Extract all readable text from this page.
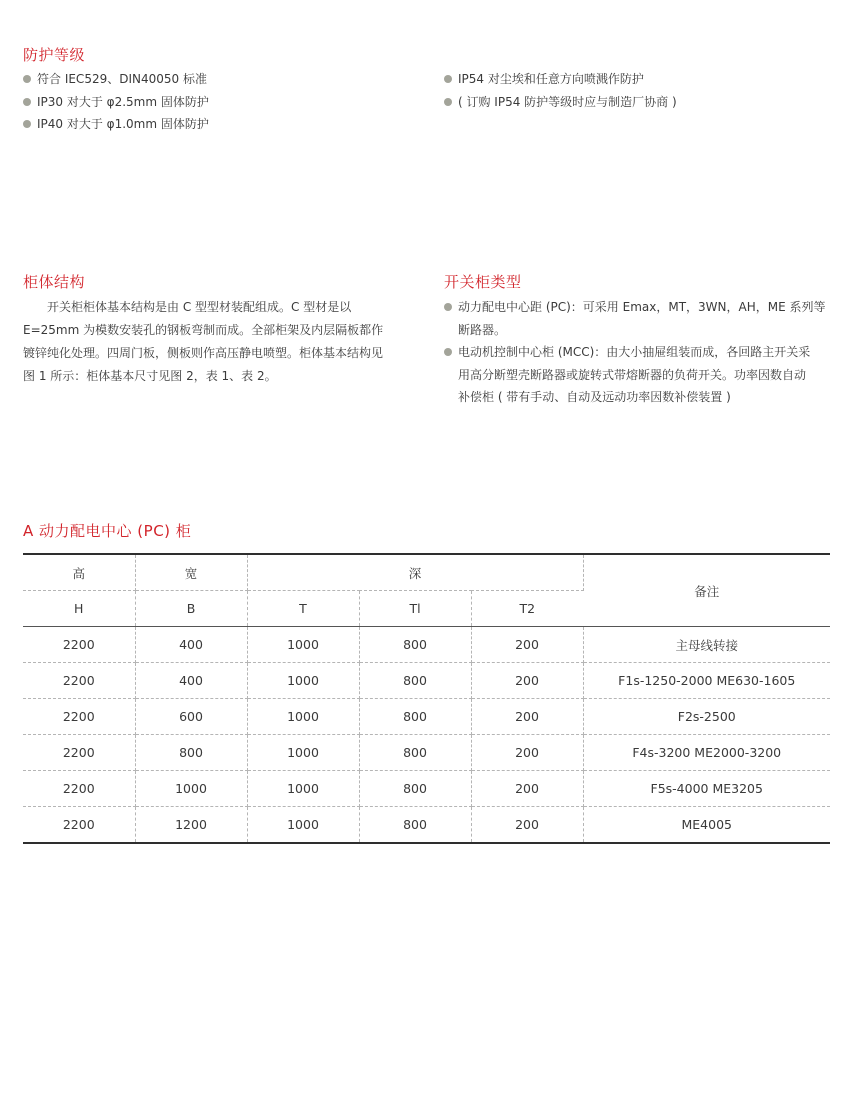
防护等级
符合 IEC529、DIN40050 标准
IP30 对大于 φ2.5mm 固体防护
IP40 对大于 φ1.0mm 固体防护
IP54 对尘埃和任意方向喷溅作防护
( 订购 IP54 防护等级时应与制造厂协商 )
柜体结构
开关柜柜体基本结构是由 C 型型材装配组成。C 型材是以
E=25mm 为模数安装孔的钢板弯制而成。全部柜架及内层隔板都作
镀锌纯化处理。四周门板，侧板则作高压静电喷塑。柜体基本结构见
图 1 所示：柜体基本尺寸见图 2，表 1、表 2。
开关柜类型
动力配电中心距 (PC)：可采用 Emax，MT，3WN，AH，ME 系列等
断路器。
电动机控制中心柜 (MCC)：由大小抽屉组装而成，各回路主开关采
用高分断塑壳断路器或旋转式带熔断器的负荷开关。功率因数自动
补偿柜 ( 带有手动、自动及远动功率因数补偿装置 )
A 动力配电中心 (PC) 柜
高	宽	深			备注
H	B	T	Tl	T2	
2200	400	1000	800	200	主母线转接
2200	400	1000	800	200	F1s-1250-2000 ME630-1605
2200	600	1000	800	200	F2s-2500
2200	800	1000	800	200	F4s-3200 ME2000-3200
2200	1000	1000	800	200	F5s-4000 ME3205
2200	1200	1000	800	200	ME4005
